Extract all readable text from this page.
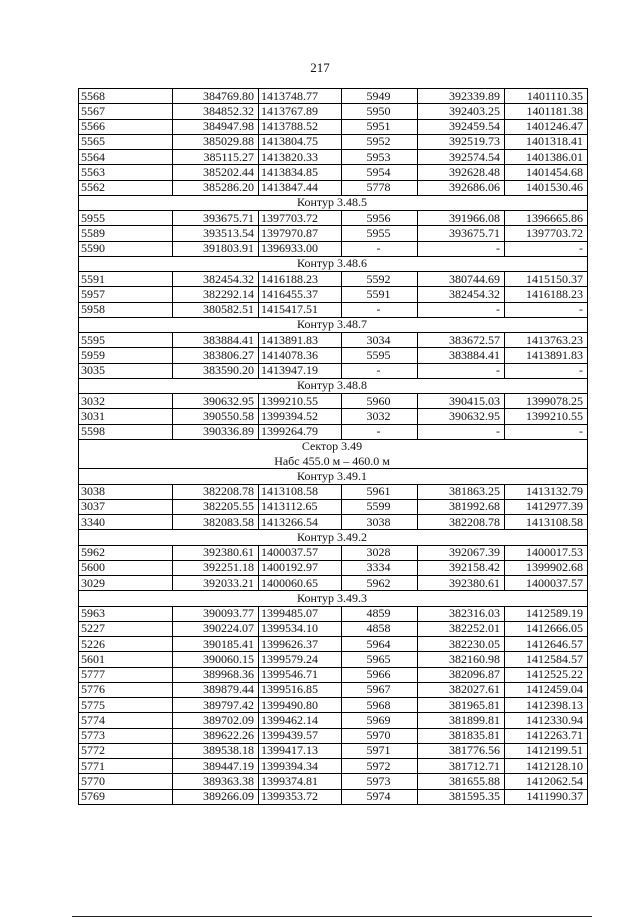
217
5568	384769.80	1413748.77	5949	392339.89	1401110.35
5567	384852.32	1413767.89	5950	392403.25	1401181.38
5566	384947.98	1413788.52	5951	392459.54	1401246.47
5565	385029.88	1413804.75	5952	392519.73	1401318.41
5564	385115.27	1413820.33	5953	392574.54	1401386.01
5563	385202.44	1413834.85	5954	392628.48	1401454.68
5562	385286.20	1413847.44	5778	392686.06	1401530.46
Контур 3.48.5					
5955	393675.71	1397703.72	5956	391966.08	1396665.86
5589	393513.54	1397970.87	5955	393675.71	1397703.72
5590	391803.91	1396933.00	-	-	-
Контур 3.48.6					
5591	382454.32	1416188.23	5592	380744.69	1415150.37
5957	382292.14	1416455.37	5591	382454.32	1416188.23
5958	380582.51	1415417.51	-	-	-
Контур 3.48.7					
5595	383884.41	1413891.83	3034	383672.57	1413763.23
5959	383806.27	1414078.36	5595	383884.41	1413891.83
3035	383590.20	1413947.19	-	-	-
Контур 3.48.8					
3032	390632.95	1399210.55	5960	390415.03	1399078.25
3031	390550.58	1399394.52	3032	390632.95	1399210.55
5598	390336.89	1399264.79	-	-	-
Сектор 3.49					
Набс 455.0 м – 460.0 м					
Контур 3.49.1					
3038	382208.78	1413108.58	5961	381863.25	1413132.79
3037	382205.55	1413112.65	5599	381992.68	1412977.39
3340	382083.58	1413266.54	3038	382208.78	1413108.58
Контур 3.49.2					
5962	392380.61	1400037.57	3028	392067.39	1400017.53
5600	392251.18	1400192.97	3334	392158.42	1399902.68
3029	392033.21	1400060.65	5962	392380.61	1400037.57
Контур 3.49.3					
5963	390093.77	1399485.07	4859	382316.03	1412589.19
5227	390224.07	1399534.10	4858	382252.01	1412666.05
5226	390185.41	1399626.37	5964	382230.05	1412646.57
5601	390060.15	1399579.24	5965	382160.98	1412584.57
5777	389968.36	1399546.71	5966	382096.87	1412525.22
5776	389879.44	1399516.85	5967	382027.61	1412459.04
5775	389797.42	1399490.80	5968	381965.81	1412398.13
5774	389702.09	1399462.14	5969	381899.81	1412330.94
5773	389622.26	1399439.57	5970	381835.81	1412263.71
5772	389538.18	1399417.13	5971	381776.56	1412199.51
5771	389447.19	1399394.34	5972	381712.71	1412128.10
5770	389363.38	1399374.81	5973	381655.88	1412062.54
5769	389266.09	1399353.72	5974	381595.35	1411990.37
